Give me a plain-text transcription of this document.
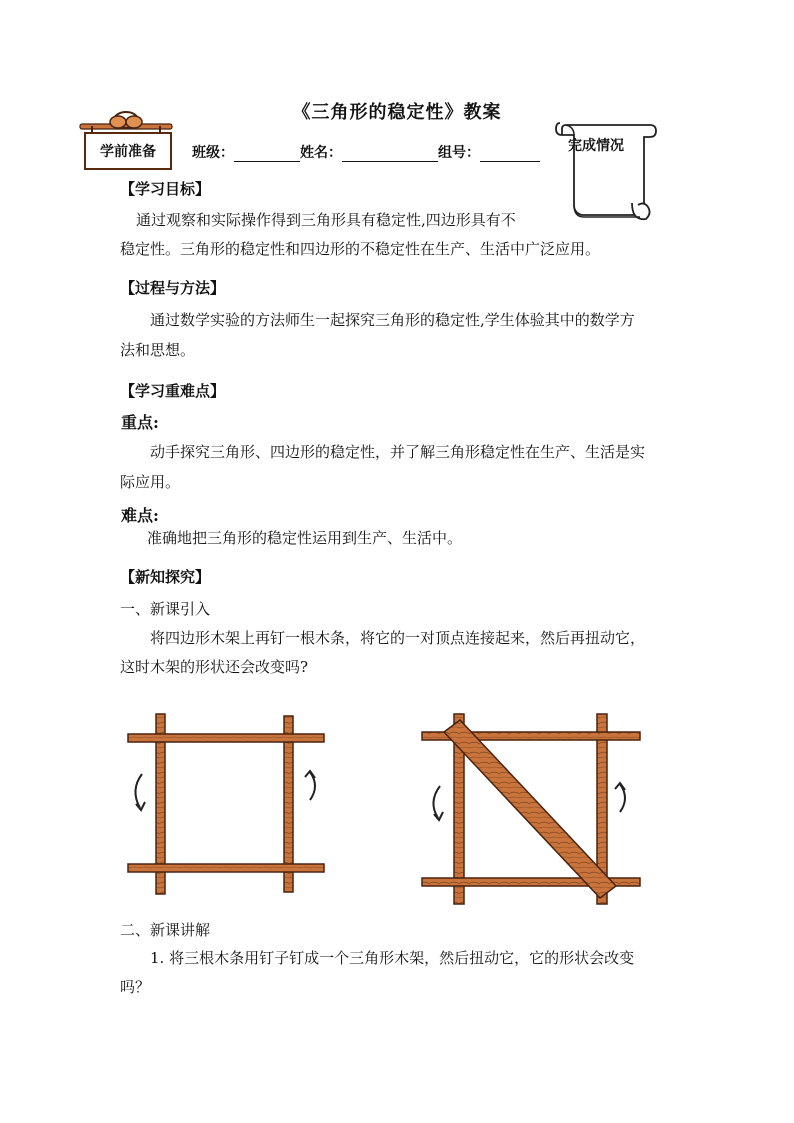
《三角形的稳定性》教案
学前准备	班级：	姓名：	组号：	完成情况
【学习目标】
通过观察和实际操作得到三角形具有稳定性,四边形具有不
稳定性。三角形的稳定性和四边形的不稳定性在生产、生活中广泛应用。
【过程与方法】
通过数学实验的方法师生一起探究三角形的稳定性,学生体验其中的数学方
法和思想。
【学习重难点】
重点:
动手探究三角形、四边形的稳定性，并了解三角形稳定性在生产、生活是实
际应用。
难点:
准确地把三角形的稳定性运用到生产、生活中。
【新知探究】
一、新课引入
将四边形木架上再钉一根木条，将它的一对顶点连接起来，然后再扭动它，
这时木架的形状还会改变吗?
二、新课讲解
1. 将三根木条用钉子钉成一个三角形木架，然后扭动它，它的形状会改变
吗？
